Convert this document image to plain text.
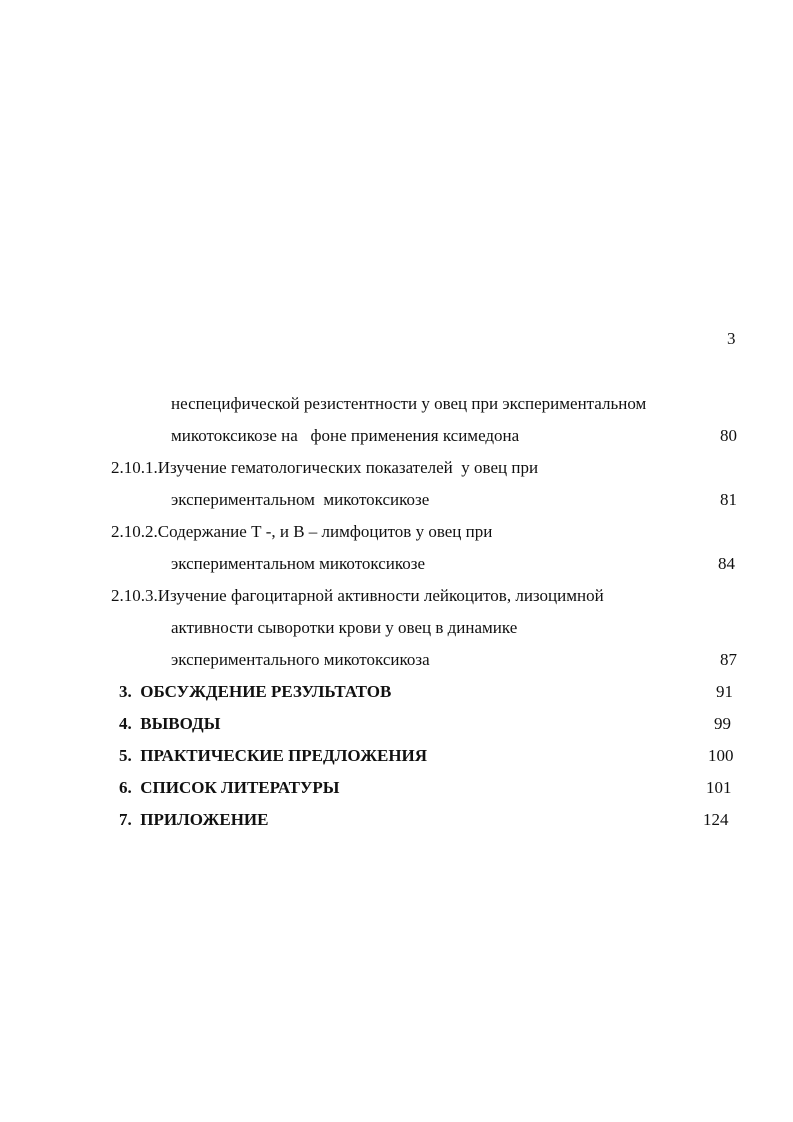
3
неспецифической резистентности у овец при экспериментальном
микотоксикозе на   фоне применения ксимедона	80
2.10.1.Изучение гематологических показателей  у овец при
экспериментальном  микотоксикозе	81
2.10.2.Содержание Т -, и В – лимфоцитов у овец при
экспериментальном микотоксикозе	84
2.10.3.Изучение фагоцитарной активности лейкоцитов, лизоцимной
активности сыворотки крови у овец в динамике
экспериментального микотоксикоза	87
3.  ОБСУЖДЕНИЕ РЕЗУЛЬТАТОВ	91
4.  ВЫВОДЫ	99
5.  ПРАКТИЧЕСКИЕ ПРЕДЛОЖЕНИЯ	100
6.  СПИСОК ЛИТЕРАТУРЫ	101
7.  ПРИЛОЖЕНИЕ	124
